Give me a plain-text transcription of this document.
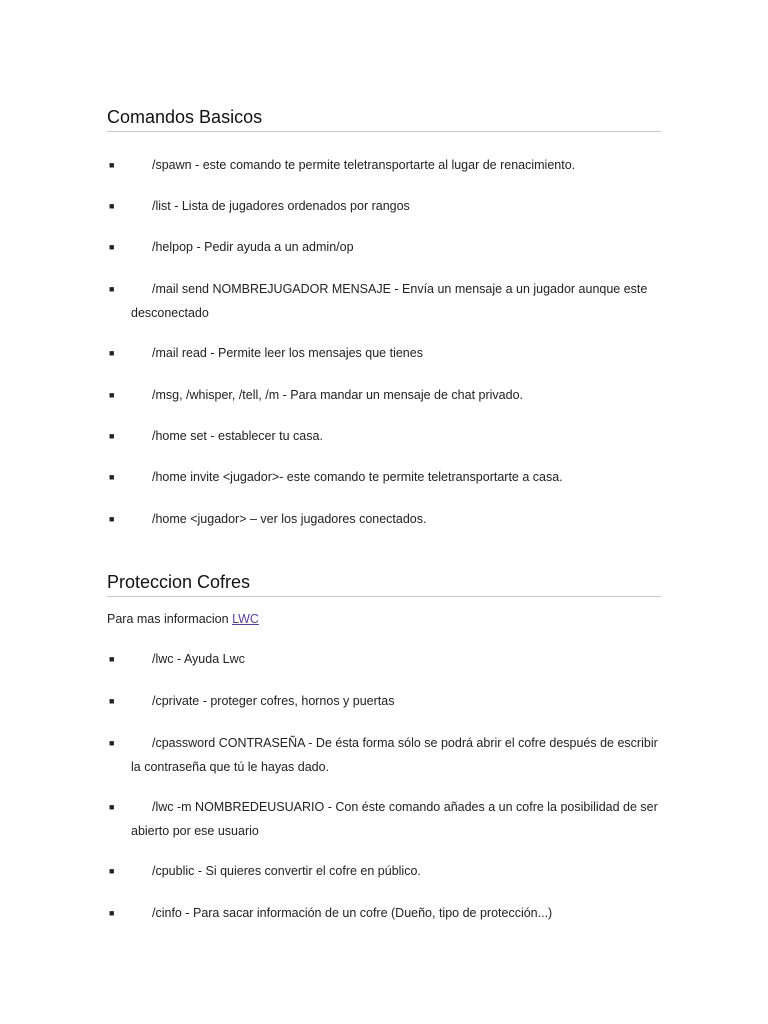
Comandos Basicos
■	/spawn - este comando te permite teletransportarte al lugar de renacimiento.
■	/list - Lista de jugadores ordenados por rangos
■	/helpop - Pedir ayuda a un admin/op
■	/mail send NOMBREJUGADOR MENSAJE - Envía un mensaje a un jugador aunque este desconectado
■	/mail read - Permite leer los mensajes que tienes
■	/msg, /whisper, /tell, /m - Para mandar un mensaje de chat privado.
■	/home set - establecer tu casa.
■	/home invite <jugador>- este comando te permite teletransportarte a casa.
■	/home <jugador> – ver los jugadores conectados.
Proteccion Cofres
Para mas informacion LWC
■	/lwc - Ayuda Lwc
■	/cprivate - proteger cofres, hornos y puertas
■	/cpassword CONTRASEÑA - De ésta forma sólo se podrá abrir el cofre después de escribir la contraseña que tú le hayas dado.
■	/lwc -m NOMBREDEUSUARIO - Con éste comando añades a un cofre la posibilidad de ser abierto por ese usuario
■	/cpublic - Si quieres convertir el cofre en público.
■	/cinfo - Para sacar información de un cofre (Dueño, tipo de protección...)
